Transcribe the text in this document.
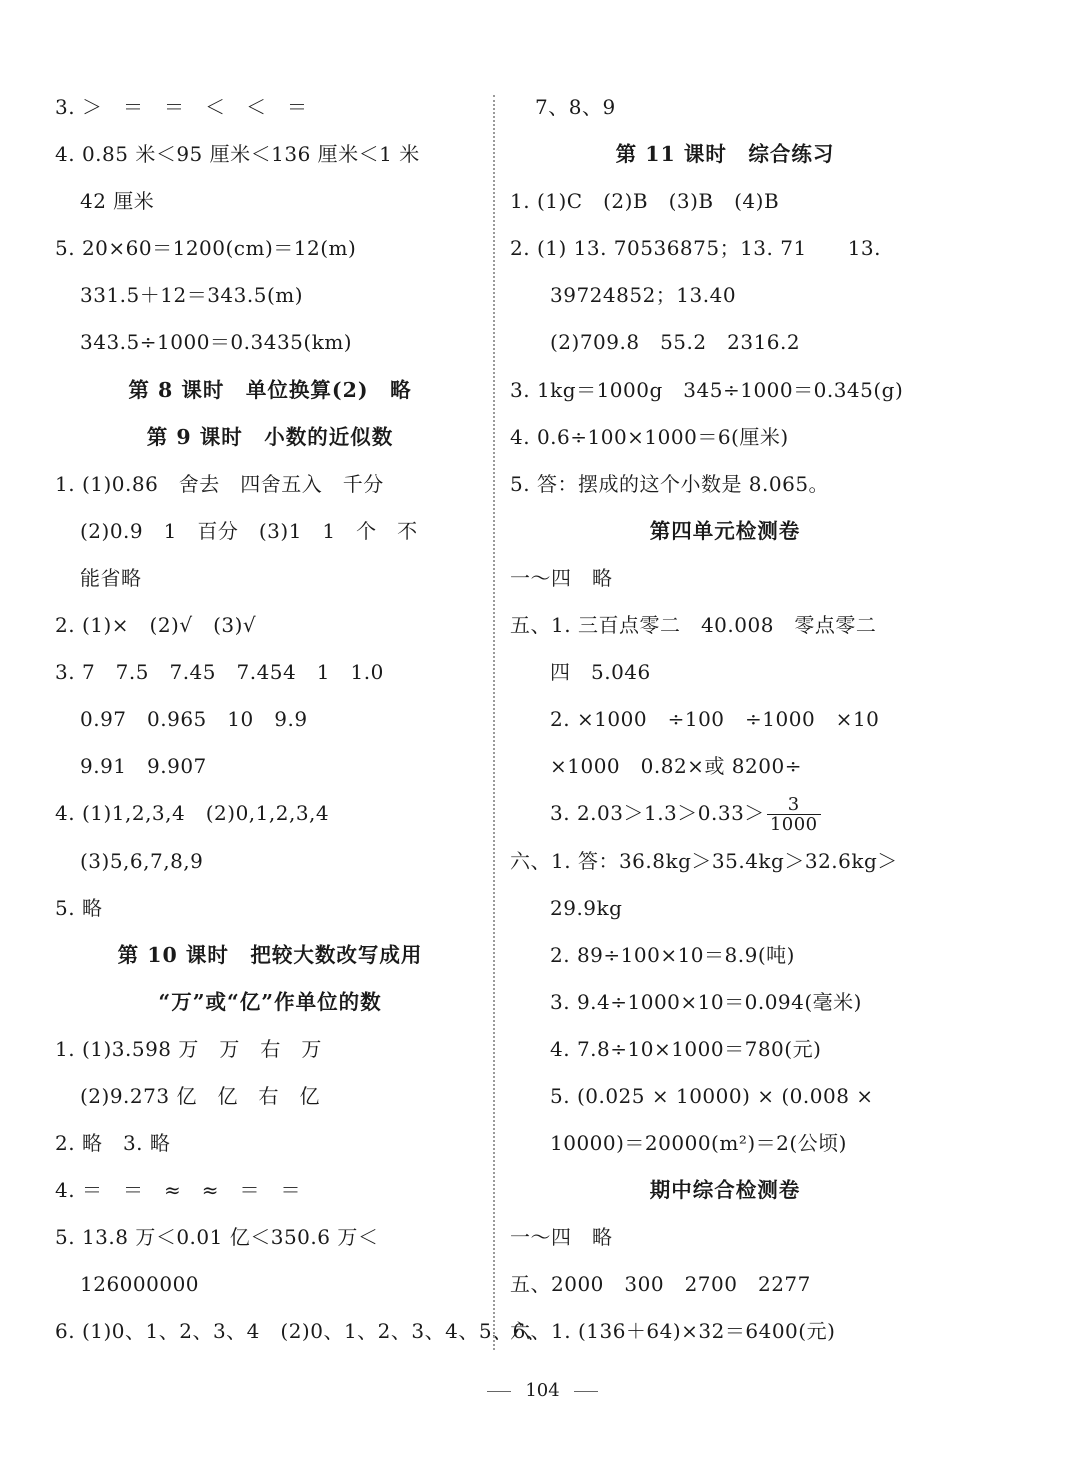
3. ＞　＝　＝　＜　＜　＝
4. 0.85 米＜95 厘米＜136 厘米＜1 米
42 厘米
5. 20×60＝1200(cm)＝12(m)
331.5＋12＝343.5(m)
343.5÷1000＝0.3435(km)
第 8 课时　单位换算(2)　略
第 9 课时　小数的近似数
1. (1)0.86　舍去　四舍五入　千分
(2)0.9　1　百分　(3)1　1　个　不
能省略
2. (1)×　(2)√　(3)√
3. 7　7.5　7.45　7.454　1　1.0
0.97　0.965　10　9.9
9.91　9.907
4. (1)1,2,3,4　(2)0,1,2,3,4
(3)5,6,7,8,9
5. 略
第 10 课时　把较大数改写成用
“万”或“亿”作单位的数
1. (1)3.598 万　万　右　万
(2)9.273 亿　亿　右　亿
2. 略　3. 略
4. ＝　＝　≈　≈　＝　＝
5. 13.8 万＜0.01 亿＜350.6 万＜
126000000
6. (1)0、1、2、3、4　(2)0、1、2、3、4、5、6、
7、8、9
第 11 课时　综合练习
1. (1)C　(2)B　(3)B　(4)B
2. (1) 13. 70536875；13. 71　　13.
39724852；13.40
(2)709.8　55.2　2316.2
3. 1kg＝1000g　345÷1000＝0.345(g)
4. 0.6÷100×1000＝6(厘米)
5. 答：摆成的这个小数是 8.065。
第四单元检测卷
一～四　略
五、1. 三百点零二　40.008　零点零二
四　5.046
2. ×1000　÷100　÷1000　×10
×1000　0.82×或 8200÷
3. $2.03>1.3>0.33> \frac{3}{1000}$
六、1. 答：36.8kg＞35.4kg＞32.6kg＞
29.9kg
2. 89÷100×10＝8.9(吨)
3. 9.4÷1000×10＝0.094(毫米)
4. 7.8÷10×1000＝780(元)
5. (0.025 × 10000) × (0.008 ×
10000)＝20000(m²)＝2(公顷)
期中综合检测卷
一～四　略
五、2000　300　2700　2277
六、1. (136＋64)×32＝6400(元)
104
